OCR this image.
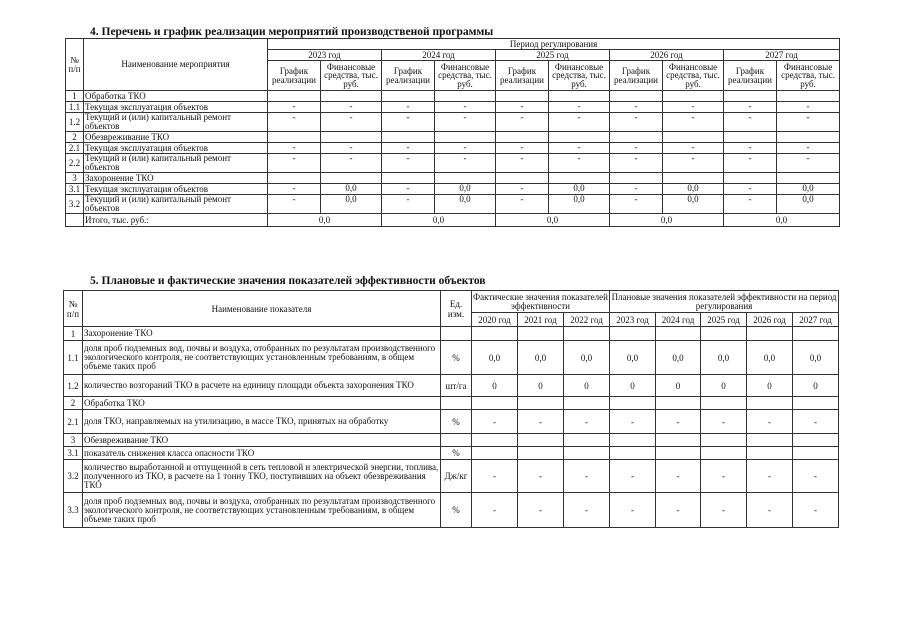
4. Перечень и график реализации мероприятий производственой программы
№
п/п	Наименование мероприятия	Период регулирования									
		2023 год		2024 год		2025 год		2026 год		2027 год	
		График реализации	Финансовые средства, тыс. руб.	График реализации	Финансовые средства, тыс. руб.	График реализации	Финансовые средства, тыс. руб.	График реализации	Финансовые средства, тыс. руб.	График реализации	Финансовые средства, тыс. руб.
1	Обработка ТКО										
1.1	Текущая эксплуатация объектов	-	-	-	-	-	-	-	-	-	-
1.2	Текущий и (или) капитальный ремонт объектов	-	-	-	-	-	-	-	-	-	-
2	Обезвреживание ТКО										
2.1	Текущая эксплуатация объектов	-	-	-	-	-	-	-	-	-	-
2.2	Текущий и (или) капитальный ремонт объектов	-	-	-	-	-	-	-	-	-	-
3	Захоронение ТКО										
3.1	Текущая эксплуатация объектов	-	0,0	-	0,0	-	0,0	-	0,0	-	0,0
3.2	Текущий и (или) капитальный ремонт объектов	-	0,0	-	0,0	-	0,0	-	0,0	-	0,0
	Итого, тыс. руб.:	0,0		0,0		0,0		0,0		0,0	
5. Плановые и фактические значения показателей эффективности объектов
№
п/п	Наименование показателя	Ед. изм.	Фактические значения показателей эффективности			Плановые значения показателей эффективности на период регулирования				
			2020 год	2021 год	2022 год	2023 год	2024 год	2025 год	2026 год	2027 год
1	Захоронение ТКО									
1.1	доля проб подземных вод, почвы и воздуха, отобранных по результатам производственного экологического контроля, не соответствующих установленным требованиям, в общем объеме таких проб	%	0,0	0,0	0,0	0,0	0,0	0,0	0,0	0,0
1.2	количество возгораний ТКО в расчете на единицу площади объекта захоронения ТКО	шт/га	0	0	0	0	0	0	0	0
2	Обработка ТКО									
2.1	доля ТКО, направляемых на утилизацию, в массе ТКО, принятых на обработку	%	-	-	-	-	-	-	-	-
3	Обезвреживание ТКО									
3.1	показатель снижения класса опасности ТКО	%								
3.2	количество выработанной и отпущенной в сеть тепловой и электрической энергии, топлива, полученного из ТКО, в расчете на 1 тонну ТКО, поступивших на объект обезвреживания ТКО	Дж/кг	-	-	-	-	-	-	-	-
3.3	доля проб подземных вод, почвы и воздуха, отобранных по результатам производственного экологического контроля, не соответствующих установленным требованиям, в общем объеме таких проб	%	-	-	-	-	-	-	-	-
